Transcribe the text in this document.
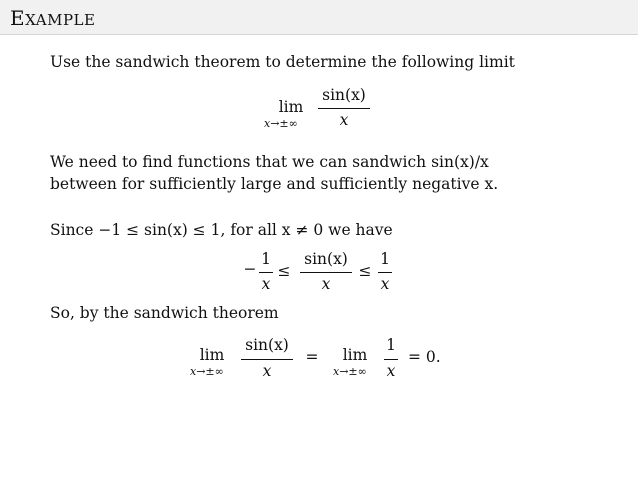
EXAMPLE
Use the sandwich theorem to determine the following limit
lim
x→±∞
sin(x)
x
We need to find functions that we can sandwich sin(x)/x
between for sufficiently large and sufficiently negative x.
Since −1 ≤ sin(x) ≤ 1, for all x ≠ 0 we have
−
1
x
≤
sin(x)
x
≤
1
x
So, by the sandwich theorem
lim
x→±∞
sin(x)
x
= lim
x→±∞
1
x
= 0.
